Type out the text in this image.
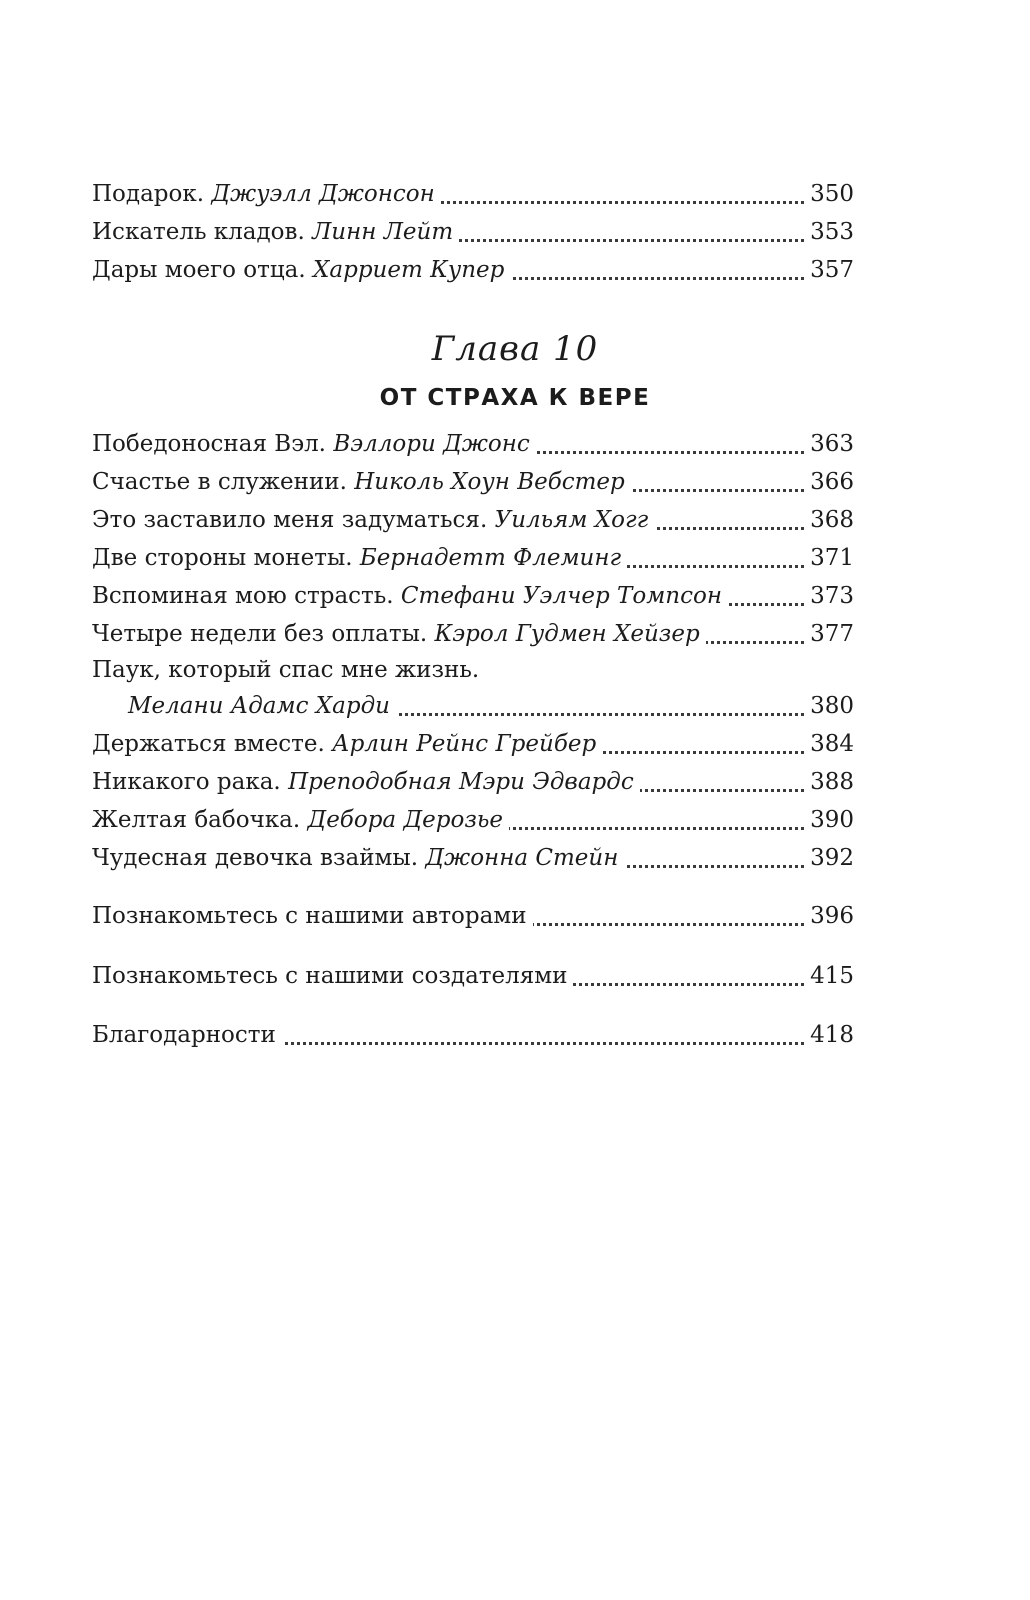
Подарок. Джуэлл Джонсон	350
Искатель кладов. Линн Лейт	353
Дары моего отца. Харриет Купер	357
Глава 10
ОТ СТРАХА К ВЕРЕ
Победоносная Вэл. Вэллори Джонс	363
Счастье в служении. Николь Хоун Вебстер	366
Это заставило меня задуматься. Уильям Хогг	368
Две стороны монеты. Бернадетт Флеминг	371
Вспоминая мою страсть. Стефани Уэлчер Томпсон	373
Четыре недели без оплаты. Кэрол Гудмен Хейзер	377
Паук, который спас мне жизнь.
Мелани Адамс Харди	380
Держаться вместе. Арлин Рейнс Грейбер	384
Никакого рака. Преподобная Мэри Эдвардс	388
Желтая бабочка. Дебора Дерозье	390
Чудесная девочка взаймы. Джонна Стейн	392
Познакомьтесь с нашими авторами	396
Познакомьтесь с нашими создателями	415
Благодарности	418
